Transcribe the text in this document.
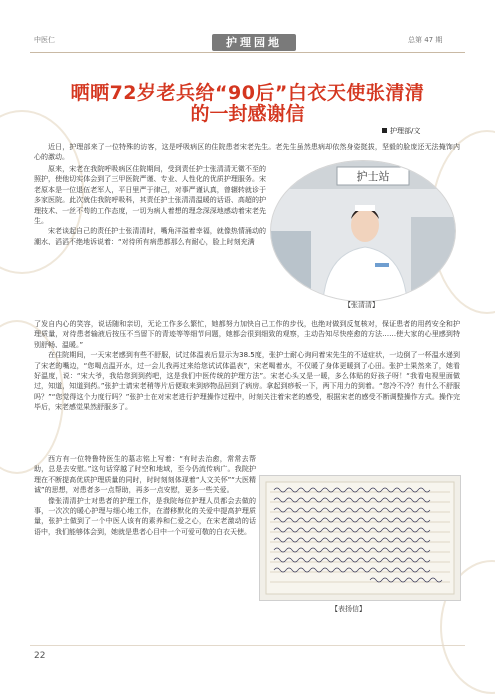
中医仁	护理园地	总第 47 期
晒晒72岁老兵给“90后”白衣天使张清清
的一封感谢信
护理部/文

近日，护理部来了一位特殊的访客，这是呼吸病区的住院患者宋老先生。老先生虽然患病却依然身姿挺拔，坚毅的脸庞还无法掩饰内心的激动。

原来，宋老在我院呼吸病区住院期间，受到责任护士张清清无微不至的照护，使他切实体会到了三甲医院严谨、专业、人性化的优质护理服务。宋老原本是一位退伍老军人，平日里严于律己，对事严谨认真，曾辗转就诊于多家医院。此次就住我院呼吸科，其责任护士张清清温暖的话语、高超的护理技术、一丝不苟的工作态度，一切为病人着想的理念深深地感动着宋老先生。

宋老谈起自己的责任护士张清清时，嘴角洋溢着幸福，就像热情涌动的潮水、滔滔不绝地诉说着：“对待所有病患都那么有耐心，脸上时刻充满

护士站
【张清清】

了发自内心的笑容，说话随和亲切，无论工作多么繁忙，她都努力加快自己工作的步伐，也绝对做到反复核对，保证患者的用药安全和护理质量，对待患者输液后按压不当留下的青迹等等细节问题，她都会很到细致的观察，主动告知尽快痊愈的方法……使大家的心里感到特别舒畅、温暖。”

在住院期间，一天宋老感到有些不舒服，试过体温表后显示为38.5度，张护士耐心询问着宋先生的不适症状，一边倒了一杯温水递到了宋老的嘴边，“您喝点温开水，过一会儿我再过来给您试试体温表”，宋老喝着水，不仅暖了身体更暖到了心田。张护士果然来了，她看好温度，说：“宋大爷，我给您到到药吧，这是我们中医传统的护理方法”。宋老心头又是一暖，多么体贴的好孩子呀！“我看电视里面做过，知道，知道到药。”张护士请宋老稍等片后便取来到痧物品回到了病房。拿起到痧板一下，两下用力的到着。“您冷不冷？有什么不舒服吗？”“您觉得这个力度行吗？”张护士在对宋老进行护理操作过程中，时刻关注着宋老的感受，根据宋老的感受不断调整操作方式。操作完毕后，宋老感觉果然舒服多了。

西方有一位特鲁特医生的墓志铭上写着：“有时去治愈，常常去帮助，总是去安慰。”这句话穿越了时空和地域，至今仍流传病广。我院护理在不断提高优质护理质量的同时，时时刻刻体现着“人文关怀”“大医精诚”的思想，对患者多一点帮助，再多一点安慰，更多一些关爱。

像张清清护士对患者的护理工作，是我院每位护理人员都会去做的事，一次次的暖心护理与细心地工作，在潜移默化的关爱中提高护理质量，张护士做到了一个中医人该有的素养和仁爱之心，在宋老激动的话语中，我们能够体会到，她就是患者心目中一个可爱可敬的白衣天使。

【表扬信】
22
